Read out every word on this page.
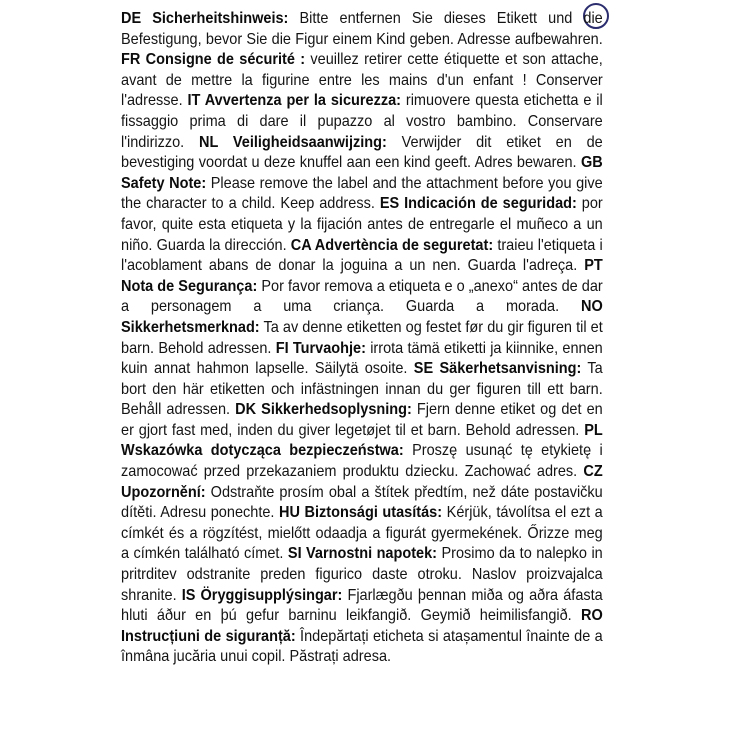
DE Sicherheitshinweis: Bitte entfernen Sie dieses Etikett und die Befestigung, bevor Sie die Figur einem Kind geben. Adresse aufbewahren. FR Consigne de sécurité : veuillez retirer cette étiquette et son attache, avant de mettre la figurine entre les mains d'un enfant ! Conserver l'adresse. IT Avvertenza per la sicurezza: rimuovere questa etichetta e il fissaggio prima di dare il pupazzo al vostro bambino. Conservare l'indirizzo. NL Veiligheidsaanwijzing: Verwijder dit etiket en de bevestiging voordat u deze knuffel aan een kind geeft. Adres bewaren. GB Safety Note: Please remove the label and the attachment before you give the character to a child. Keep address. ES Indicación de seguridad: por favor, quite esta etiqueta y la fijación antes de entregarle el muñeco a un niño. Guarda la dirección. CA Advertència de seguretat: traieu l'etiqueta i l'acoblament abans de donar la joguina a un nen. Guarda l'adreça. PT Nota de Segurança: Por favor remova a etiqueta e o „anexo“ antes de dar a personagem a uma criança. Guarda a morada. NO Sikkerhetsmerknad: Ta av denne etiketten og festet før du gir figuren til et barn. Behold adressen. FI Turvaohje: irrota tämä etiketti ja kiinnike, ennen kuin annat hahmon lapselle. Säilytä osoite. SE Säkerhetsanvisning: Ta bort den här etiketten och infästningen innan du ger figuren till ett barn. Behåll adressen. DK Sikkerhedsoplysning: Fjern denne etiket og det en er gjort fast med, inden du giver legetøjet til et barn. Behold adressen. PL Wskazówka dotycząca bezpieczeństwa: Proszę usunąć tę etykietę i zamocować przed przekazaniem produktu dziecku. Zachować adres. CZ Upozornění: Odstraňte prosím obal a štítek předtím, než dáte postavičku dítěti. Adresu ponechte. HU Biztonsági utasítás: Kérjük, távolítsa el ezt a címkét és a rögzítést, mielőtt odaadja a figurát gyermekének. Őrizze meg a címkén található címet. SI Varnostni napotek: Prosimo da to nalepko in pritrditev odstranite preden figurico daste otroku. Naslov proizvajalca shranite. IS Öryggisupplýsingar: Fjarlægðu þennan miða og aðra áfasta hluti áður en þú gefur barninu leikfangið. Geymið heimilisfangið. RO Instrucțiuni de siguranță: Îndepărtați eticheta si atașamentul înainte de a înmâna jucăria unui copil. Păstrați adresa.
